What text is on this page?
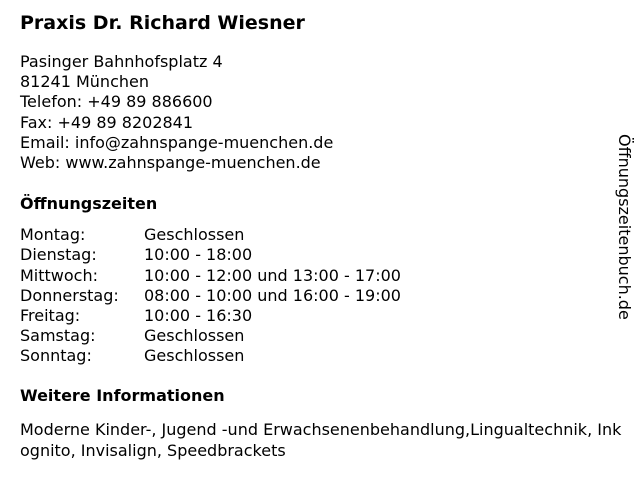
Praxis Dr. Richard Wiesner
Pasinger Bahnhofsplatz 4
81241 München
Telefon: +49 89 886600
Fax: +49 89 8202841
Email: info@zahnspange-muenchen.de
Web: www.zahnspange-muenchen.de
Öffnungszeiten
Montag:	Geschlossen
Dienstag:	10:00 - 18:00
Mittwoch:	10:00 - 12:00 und 13:00 - 17:00
Donnerstag:	08:00 - 10:00 und 16:00 - 19:00
Freitag:	10:00 - 16:30
Samstag:	Geschlossen
Sonntag:	Geschlossen
Weitere Informationen
Moderne Kinder-, Jugend -und Erwachsenenbehandlung,Lingualtechnik, Inkognito, Invisalign, Speedbrackets
Öffnungszeitenbuch.de
